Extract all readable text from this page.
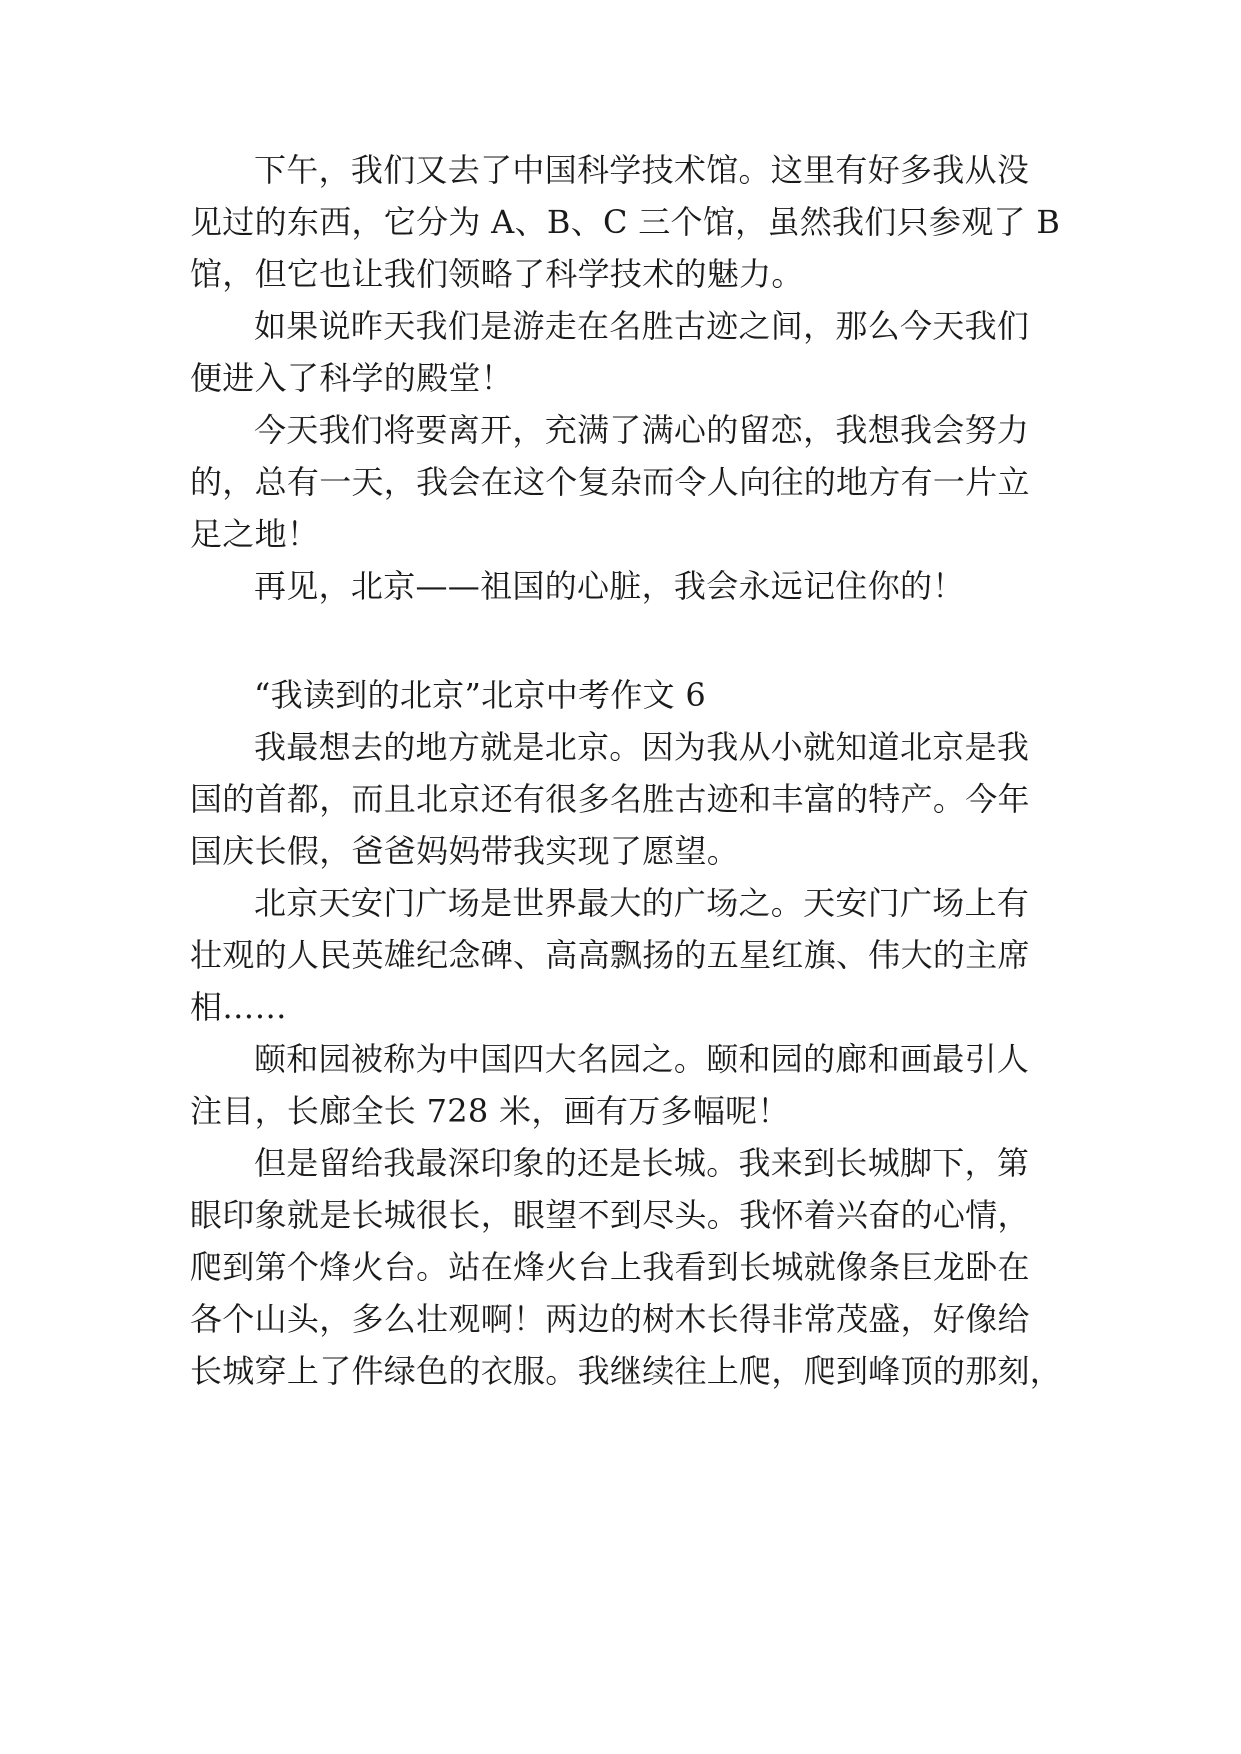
下午，我们又去了中国科学技术馆。这里有好多我从没
见过的东西，它分为 A、B、C 三个馆，虽然我们只参观了 B
馆，但它也让我们领略了科学技术的魅力。
如果说昨天我们是游走在名胜古迹之间，那么今天我们
便进入了科学的殿堂！
今天我们将要离开，充满了满心的留恋，我想我会努力
的，总有一天，我会在这个复杂而令人向往的地方有一片立
足之地！
再见，北京——祖国的心脏，我会永远记住你的！
“我读到的北京”北京中考作文 6
我最想去的地方就是北京。因为我从小就知道北京是我
国的首都，而且北京还有很多名胜古迹和丰富的特产。今年
国庆长假，爸爸妈妈带我实现了愿望。
北京天安门广场是世界最大的广场之。天安门广场上有
壮观的人民英雄纪念碑、高高飘扬的五星红旗、伟大的主席
相……
颐和园被称为中国四大名园之。颐和园的廊和画最引人
注目，长廊全长 728 米，画有万多幅呢！
但是留给我最深印象的还是长城。我来到长城脚下，第
眼印象就是长城很长，眼望不到尽头。我怀着兴奋的心情，
爬到第个烽火台。站在烽火台上我看到长城就像条巨龙卧在
各个山头，多么壮观啊！两边的树木长得非常茂盛，好像给
长城穿上了件绿色的衣服。我继续往上爬，爬到峰顶的那刻，
